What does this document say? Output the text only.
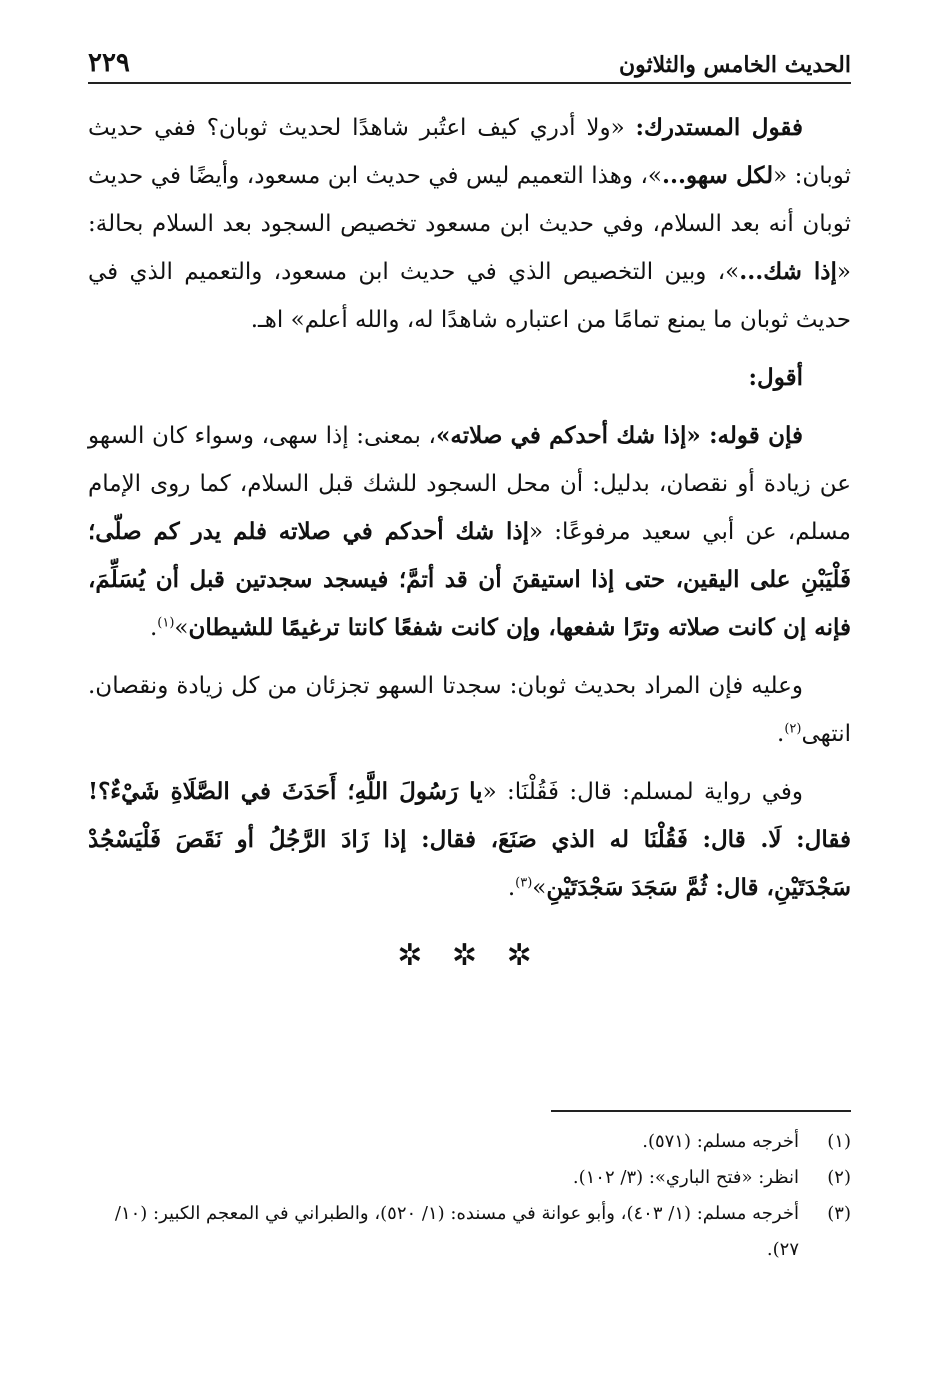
الحديث الخامس والثلاثون
٢٢٩

فقول المستدرك: «ولا أدري كيف اعتُبر شاهدًا لحديث ثوبان؟ ففي حديث ثوبان: «لكل سهو...»، وهذا التعميم ليس في حديث ابن مسعود، وأيضًا في حديث ثوبان أنه بعد السلام، وفي حديث ابن مسعود تخصيص السجود بعد السلام بحالة: «إذا شك...»، وبين التخصيص الذي في حديث ابن مسعود، والتعميم الذي في حديث ثوبان ما يمنع تمامًا من اعتباره شاهدًا له، والله أعلم» اهـ.

أقول:

فإن قوله: «إذا شك أحدكم في صلاته»، بمعنى: إذا سهى، وسواء كان السهو عن زيادة أو نقصان، بدليل: أن محل السجود للشك قبل السلام، كما روى الإمام مسلم، عن أبي سعيد مرفوعًا: «إذا شك أحدكم في صلاته فلم يدر كم صلّى؛ فَلْيَبْنِ على اليقين، حتى إذا استيقنَ أن قد أتمَّ؛ فيسجد سجدتين قبل أن يُسَلِّمَ، فإنه إن كانت صلاته وترًا شفعها، وإن كانت شفعًا كانتا ترغيمًا للشيطان»$^{(١)}$.

وعليه فإن المراد بحديث ثوبان: سجدتا السهو تجزئان من كل زيادة ونقصان. انتهى$^{(٢)}$.

وفي رواية لمسلم: قال: فَقُلْنَا: «يا رَسُولَ اللَّهِ؛ أَحَدَثَ في الصَّلَاةِ شَيْءٌ؟! فقال: لَا. قال: فَقُلْنَا له الذي صَنَعَ، فقال: إذا زَادَ الرَّجُلُ أو نَقَصَ فَلْيَسْجُدْ سَجْدَتَيْنِ، قال: ثُمَّ سَجَدَ سَجْدَتَيْنِ»$^{(٣)}$.

✲ ✲ ✲
(١)
أخرجه مسلم: (٥٧١).
(٢)
انظر: «فتح الباري»: (٣/ ١٠٢).
(٣)
أخرجه مسلم: (١/ ٤٠٣)، وأبو عوانة في مسنده: (١/ ٥٢٠)، والطبراني في المعجم الكبير: (١٠/ ٢٧).
